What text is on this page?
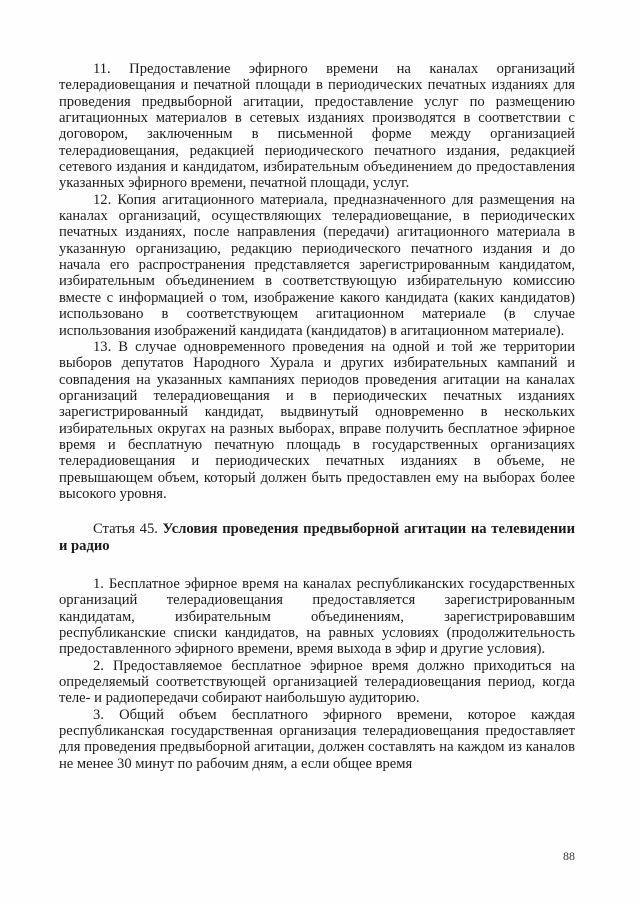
11. Предоставление эфирного времени на каналах организаций телерадиовещания и печатной площади в периодических печатных изданиях для проведения предвыборной агитации, предоставление услуг по размещению агитационных материалов в сетевых изданиях производятся в соответствии с договором, заключенным в письменной форме между организацией телерадиовещания, редакцией периодического печатного издания, редакцией сетевого издания и кандидатом, избирательным объединением до предоставления указанных эфирного времени, печатной площади, услуг.

12. Копия агитационного материала, предназначенного для размещения на каналах организаций, осуществляющих телерадиовещание, в периодических печатных изданиях, после направления (передачи) агитационного материала в указанную организацию, редакцию периодического печатного издания и до начала его распространения представляется зарегистрированным кандидатом, избирательным объединением в соответствующую избирательную комиссию вместе с информацией о том, изображение какого кандидата (каких кандидатов) использовано в соответствующем агитационном материале (в случае использования изображений кандидата (кандидатов) в агитационном материале).

13. В случае одновременного проведения на одной и той же территории выборов депутатов Народного Хурала и других избирательных кампаний и совпадения на указанных кампаниях периодов проведения агитации на каналах организаций телерадиовещания и в периодических печатных изданиях зарегистрированный кандидат, выдвинутый одновременно в нескольких избирательных округах на разных выборах, вправе получить бесплатное эфирное время и бесплатную печатную площадь в государственных организациях телерадиовещания и периодических печатных изданиях в объеме, не превышающем объем, который должен быть предоставлен ему на выборах более высокого уровня.

Статья 45. Условия проведения предвыборной агитации на телевидении и радио

1. Бесплатное эфирное время на каналах республиканских государственных организаций телерадиовещания предоставляется зарегистрированным кандидатам, избирательным объединениям, зарегистрировавшим республиканские списки кандидатов, на равных условиях (продолжительность предоставленного эфирного времени, время выхода в эфир и другие условия).

2. Предоставляемое бесплатное эфирное время должно приходиться на определяемый соответствующей организацией телерадиовещания период, когда теле- и радиопередачи собирают наибольшую аудиторию.

3. Общий объем бесплатного эфирного времени, которое каждая республиканская государственная организация телерадиовещания предоставляет для проведения предвыборной агитации, должен составлять на каждом из каналов не менее 30 минут по рабочим дням, а если общее время

88
